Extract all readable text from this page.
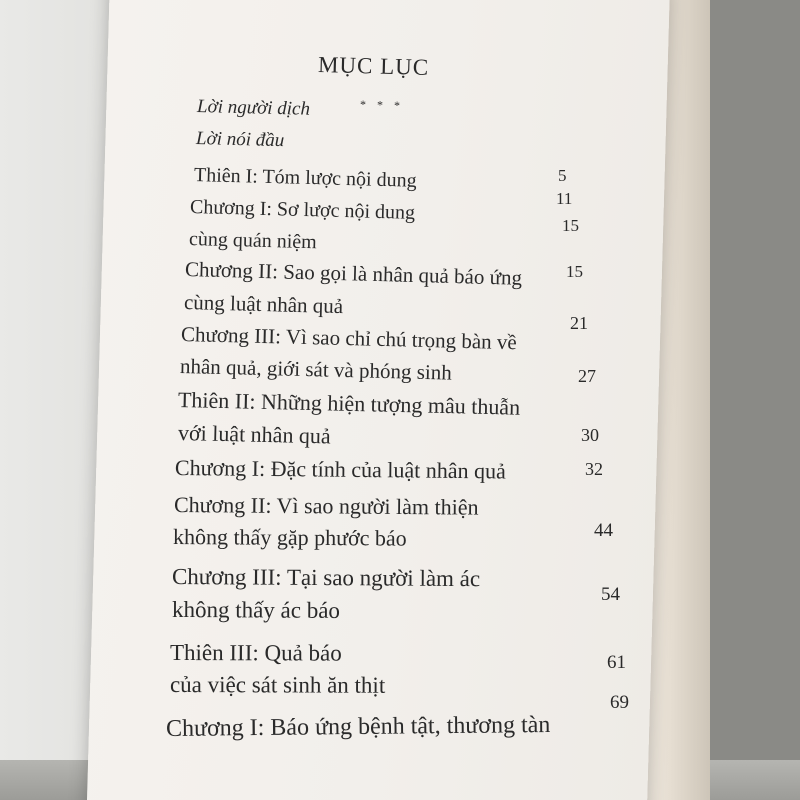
MỤC LỤC
* * *
Lời người dịch
Lời nói đầu
Thiên I: Tóm lược nội dung
Chương I: Sơ lược nội dung
cùng quán niệm
Chương II: Sao gọi là nhân quả báo ứng
cùng luật nhân quả
Chương III: Vì sao chỉ chú trọng bàn về
nhân quả, giới sát và phóng sinh
Thiên II: Những hiện tượng mâu thuẫn
với luật nhân quả
Chương I: Đặc tính của luật nhân quả
Chương II: Vì sao người làm thiện
không thấy gặp phước báo
Chương III: Tại sao người làm ác
không thấy ác báo
Thiên III: Quả báo
của việc sát sinh ăn thịt
Chương I: Báo ứng bệnh tật, thương tàn
5
11
15
15
21
27
30
32
44
54
61
69
